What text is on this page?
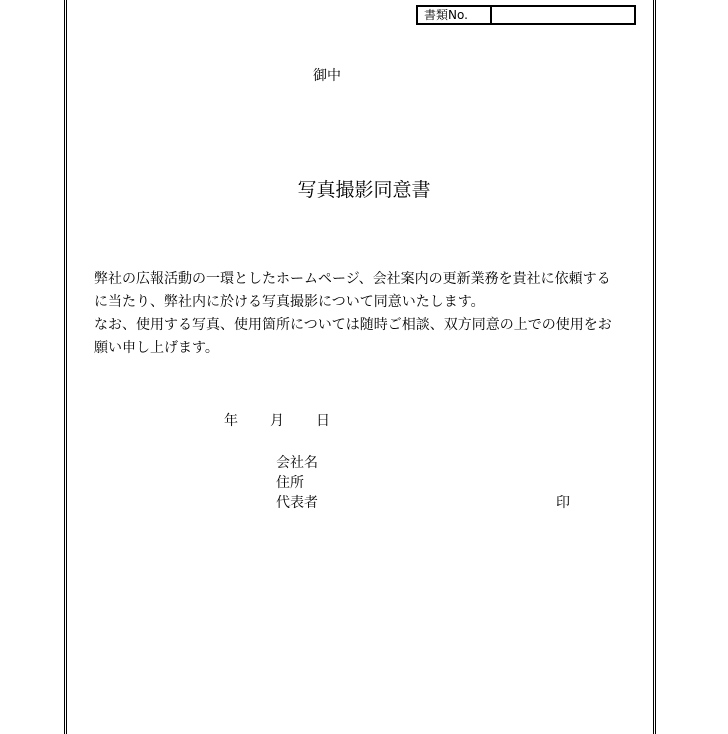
書類No.
御中
写真撮影同意書
弊社の広報活動の一環としたホームページ、会社案内の更新業務を貴社に依頼する
に当たり、弊社内に於ける写真撮影について同意いたします。
なお、使用する写真、使用箇所については随時ご相談、双方同意の上での使用をお
願い申し上げます。
年 月 日
会社名
住所
代表者	印
